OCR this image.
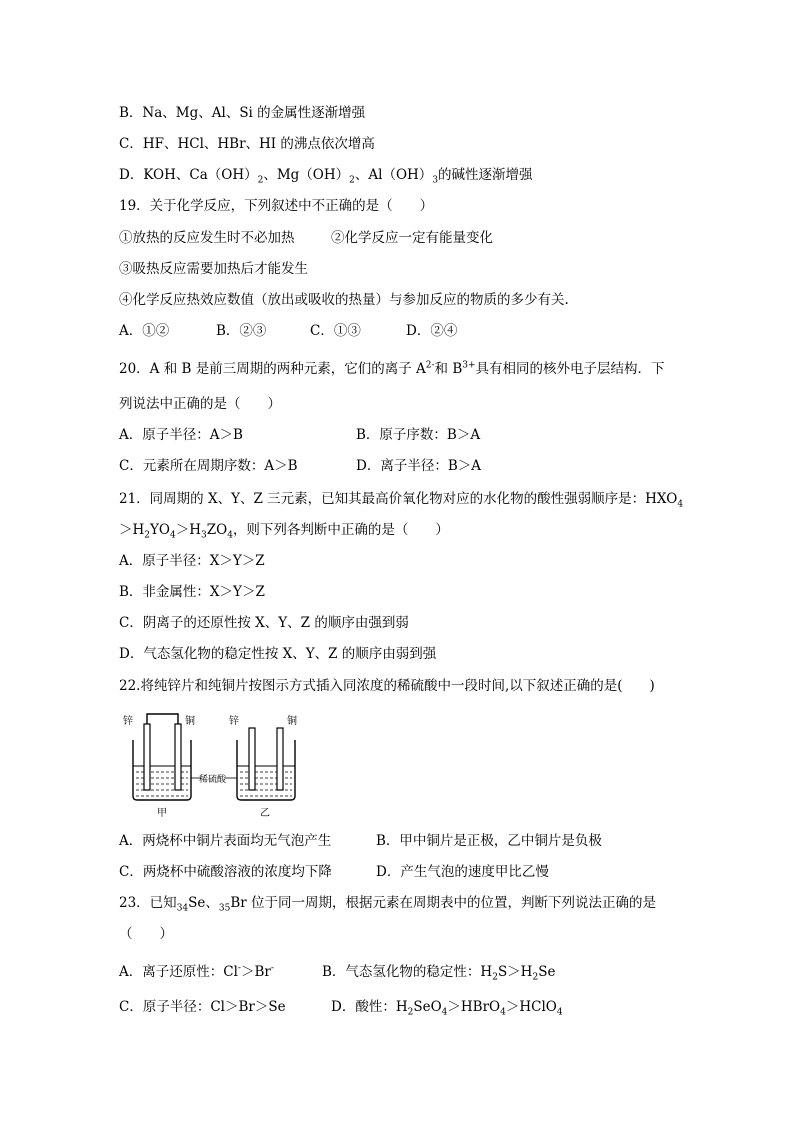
B．Na、Mg、Al、Si 的金属性逐渐增强
C．HF、HCl、HBr、HI 的沸点依次增高
D．KOH、$Ca(OH)_2$、$Mg(OH)_2$、$Al(OH)_3$的碱性逐渐增强
19．关于化学反应，下列叙述中不正确的是（　　）
①放热的反应发生时不必加热	②化学反应一定有能量变化
③吸热反应需要加热后才能发生
④化学反应热效应数值（放出或吸收的热量）与参加反应的物质的多少有关.
A．①②	B．②③	C．①③	D．②④
20．A 和 B 是前三周期的两种元素，它们的离子 $A^{2-}$和 $B^{3+}$具有相同的核外电子层结构．下
列说法中正确的是（　　）
A．原子半径：A＞B	B．原子序数：B＞A
C．元素所在周期序数：A＞B	D．离子半径：B＞A
21．同周期的 X、Y、Z 三元素，已知其最高价氧化物对应的水化物的酸性强弱顺序是：$HXO_4$
$>H_2YO_4>H_3ZO_4$，则下列各判断中正确的是（　　）
A．原子半径：X＞Y＞Z
B．非金属性：X＞Y＞Z
C．阴离子的还原性按 X、Y、Z 的顺序由强到弱
D．气态氢化物的稳定性按 X、Y、Z 的顺序由弱到强
22.将纯锌片和纯铜片按图示方式插入同浓度的稀硫酸中一段时间,以下叙述正确的是(　　)
锌	铜
甲
稀硫酸
锌	铜
乙
A．两烧杯中铜片表面均无气泡产生	B．甲中铜片是正极，乙中铜片是负极
C．两烧杯中硫酸溶液的浓度均下降	D．产生气泡的速度甲比乙慢
23．已知$_{34}$Se、$_{35}$Br 位于同一周期，根据元素在周期表中的位置，判断下列说法正确的是
（　　）
A．离子还原性：Cl-＞Br-	B．气态氢化物的稳定性：$H_2S>H_2Se$
C．原子半径：Cl＞Br＞Se	D．酸性：$H_2SeO_4>HBrO_4>HClO_4$
